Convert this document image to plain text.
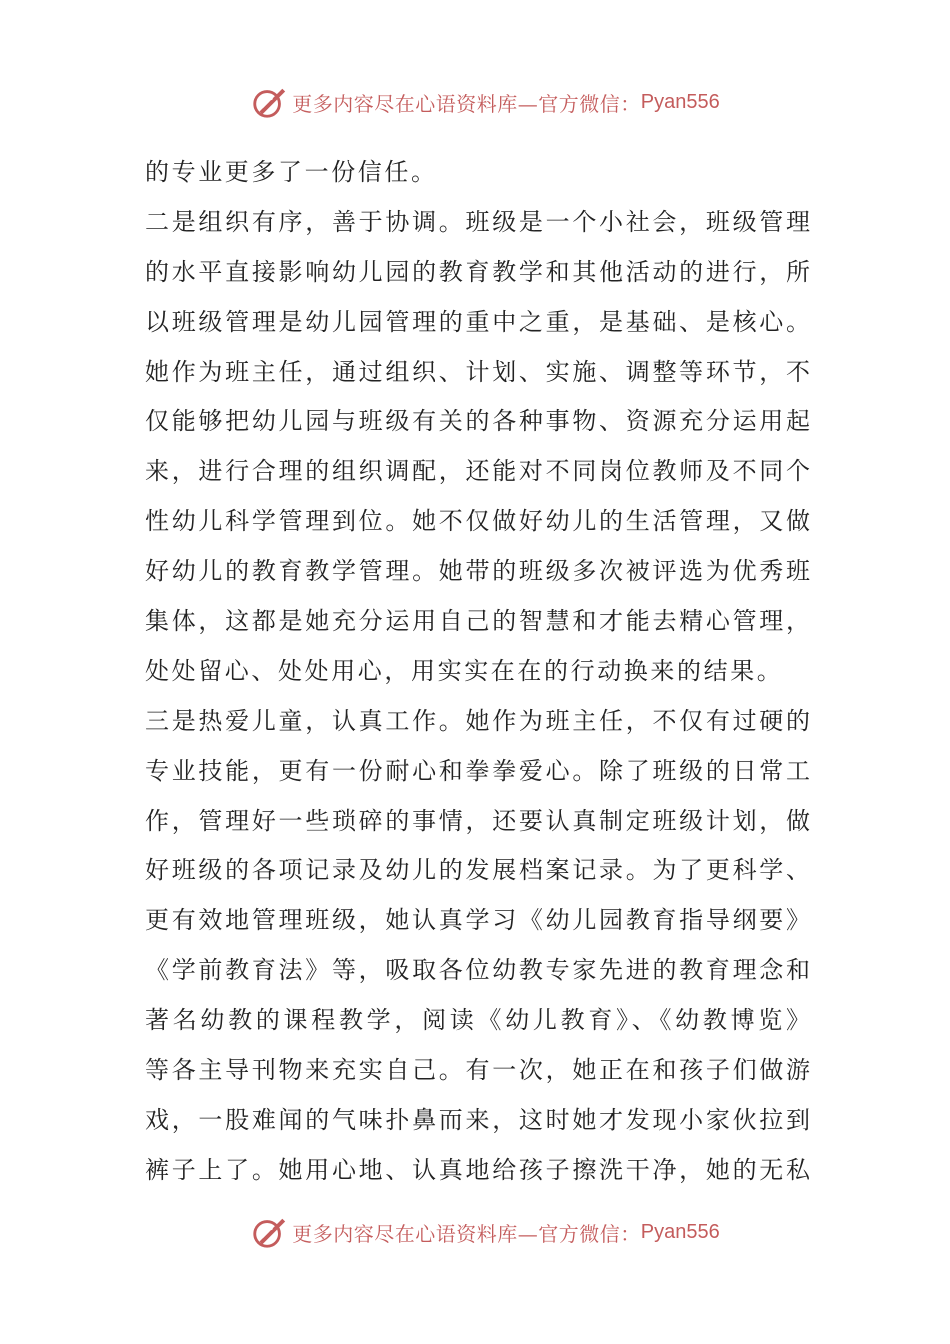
更多内容尽在心语资料库—官方微信： Pyan556
的专业更多了一份信任。
二是组织有序，善于协调。班级是一个小社会，班级管理
的水平直接影响幼儿园的教育教学和其他活动的进行，所
以班级管理是幼儿园管理的重中之重，是基础、是核心。
她作为班主任，通过组织、计划、实施、调整等环节，不
仅能够把幼儿园与班级有关的各种事物、资源充分运用起
来，进行合理的组织调配，还能对不同岗位教师及不同个
性幼儿科学管理到位。她不仅做好幼儿的生活管理，又做
好幼儿的教育教学管理。她带的班级多次被评选为优秀班
集体，这都是她充分运用自己的智慧和才能去精心管理，
处处留心、处处用心，用实实在在的行动换来的结果。
三是热爱儿童，认真工作。她作为班主任，不仅有过硬的
专业技能，更有一份耐心和拳拳爱心。除了班级的日常工
作，管理好一些琐碎的事情，还要认真制定班级计划，做
好班级的各项记录及幼儿的发展档案记录。为了更科学、
更有效地管理班级，她认真学习《幼儿园教育指导纲要》
《学前教育法》等，吸取各位幼教专家先进的教育理念和
著名幼教的课程教学，阅读《幼儿教育》、《幼教博览》
等各主导刊物来充实自己。有一次，她正在和孩子们做游
戏，一股难闻的气味扑鼻而来，这时她才发现小家伙拉到
裤子上了。她用心地、认真地给孩子擦洗干净，她的无私
更多内容尽在心语资料库—官方微信： Pyan556
